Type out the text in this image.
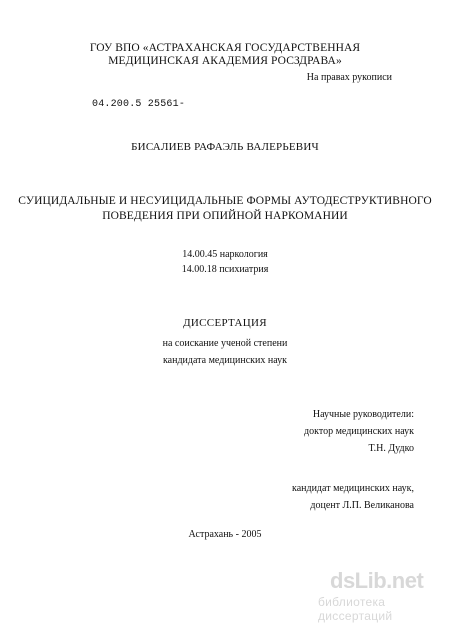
ГОУ ВПО «АСТРАХАНСКАЯ ГОСУДАРСТВЕННАЯ
МЕДИЦИНСКАЯ АКАДЕМИЯ РОСЗДРАВА»
На правах рукописи
04.200.5 25561-
БИСАЛИЕВ РАФАЭЛЬ ВАЛЕРЬЕВИЧ
СУИЦИДАЛЬНЫЕ И НЕСУИЦИДАЛЬНЫЕ ФОРМЫ АУТОДЕСТРУКТИВНОГО
ПОВЕДЕНИЯ ПРИ ОПИЙНОЙ НАРКОМАНИИ
14.00.45 наркология
14.00.18 психиатрия
ДИССЕРТАЦИЯ
на соискание ученой степени
кандидата медицинских наук
Научные руководители:
доктор медицинских наук
Т.Н. Дудко
кандидат медицинских наук,
доцент Л.П. Великанова
Астрахань - 2005
dsLib.net
библиотека диссертаций
